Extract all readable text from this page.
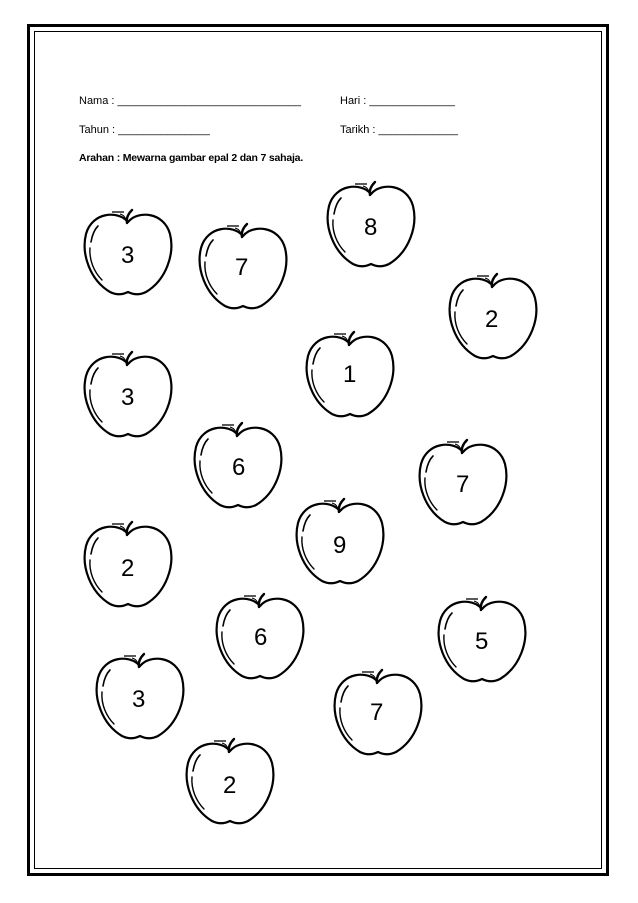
Nama : ______________________________	Hari : ______________
Tahun : _______________	Tarikh : _____________
Arahan : Mewarna gambar epal 2 dan 7 sahaja.
3	7
8
2
3
1
6
7
2
9
6	5
3	7
2
